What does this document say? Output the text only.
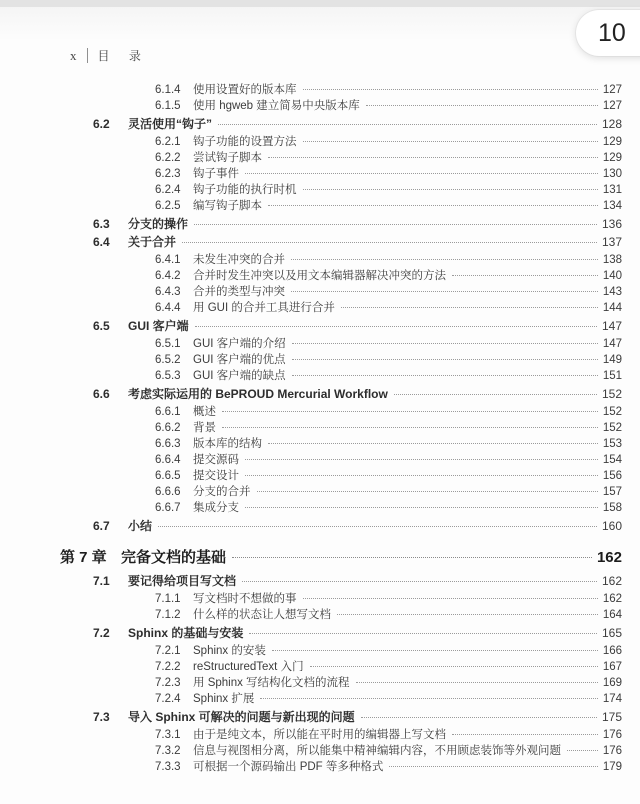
10
x 目 录
6.1.4	使用设置好的版本库	127
6.1.5	使用 hgweb 建立简易中央版本库	127
6.2	灵活使用“钩子”	128
6.2.1	钩子功能的设置方法	129
6.2.2	尝试钩子脚本	129
6.2.3	钩子事件	130
6.2.4	钩子功能的执行时机	131
6.2.5	编写钩子脚本	134
6.3	分支的操作	136
6.4	关于合并	137
6.4.1	未发生冲突的合并	138
6.4.2	合并时发生冲突以及用文本编辑器解决冲突的方法	140
6.4.3	合并的类型与冲突	143
6.4.4	用 GUI 的合并工具进行合并	144
6.5	GUI 客户端	147
6.5.1	GUI 客户端的介绍	147
6.5.2	GUI 客户端的优点	149
6.5.3	GUI 客户端的缺点	151
6.6	考虑实际运用的 BePROUD Mercurial Workflow	152
6.6.1	概述	152
6.6.2	背景	152
6.6.3	版本库的结构	153
6.6.4	提交源码	154
6.6.5	提交设计	156
6.6.6	分支的合并	157
6.6.7	集成分支	158
6.7	小结	160
第 7 章 完备文档的基础	162
7.1	要记得给项目写文档	162
7.1.1	写文档时不想做的事	162
7.1.2	什么样的状态让人想写文档	164
7.2	Sphinx 的基础与安装	165
7.2.1	Sphinx 的安装	166
7.2.2	reStructuredText 入门	167
7.2.3	用 Sphinx 写结构化文档的流程	169
7.2.4	Sphinx 扩展	174
7.3	导入 Sphinx 可解决的问题与新出现的问题	175
7.3.1	由于是纯文本，所以能在平时用的编辑器上写文档	176
7.3.2	信息与视图相分离，所以能集中精神编辑内容，不用顾虑装饰等外观问题	176
7.3.3	可根据一个源码输出 PDF 等多种格式	179
